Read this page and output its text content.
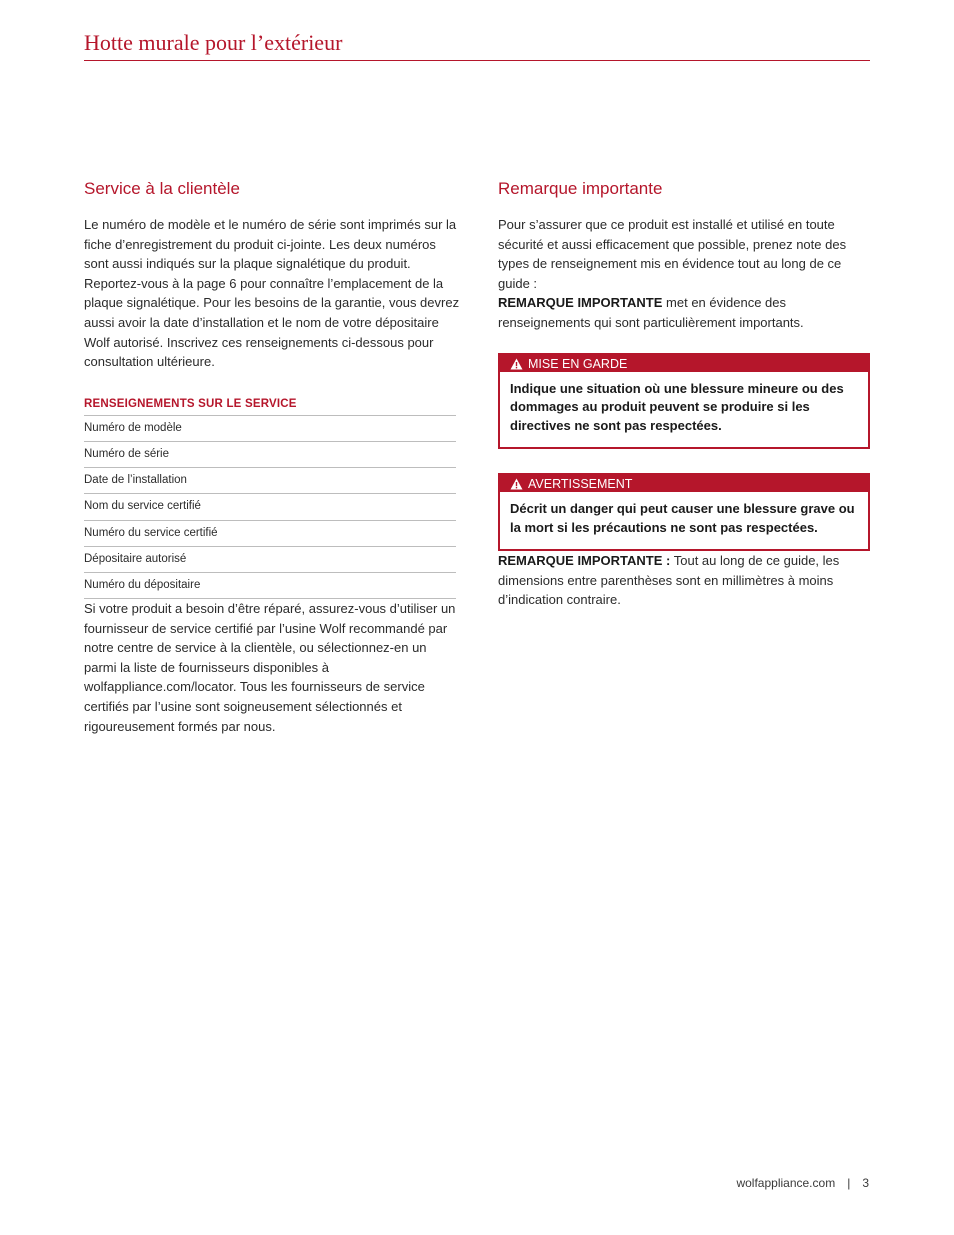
Hotte murale pour l’extérieur
Service à la clientèle

Le numéro de modèle et le numéro de série sont imprimés sur la fiche d’enregistrement du produit ci-jointe. Les deux numéros sont aussi indiqués sur la plaque signalétique du produit. Reportez-vous à la page 6 pour connaître l’emplacement de la plaque signalétique. Pour les besoins de la garantie, vous devrez aussi avoir la date d’installation et le nom de votre dépositaire Wolf autorisé. Inscrivez ces renseignements ci-dessous pour consultation ultérieure.

RENSEIGNEMENTS SUR LE SERVICE
Numéro de modèle
Numéro de série
Date de l’installation
Nom du service certifié
Numéro du service certifié
Dépositaire autorisé
Numéro du dépositaire

Si votre produit a besoin d’être réparé, assurez-vous d’utiliser un fournisseur de service certifié par l’usine Wolf recommandé par notre centre de service à la clientèle, ou sélectionnez-en un parmi la liste de fournisseurs disponibles à wolfappliance.com/locator. Tous les fournisseurs de service certifiés par l’usine sont soigneusement sélectionnés et rigoureusement formés par nous.

Remarque importante

Pour s’assurer que ce produit est installé et utilisé en toute sécurité et aussi efficacement que possible, prenez note des types de renseignement mis en évidence tout au long de ce guide :

REMARQUE IMPORTANTE met en évidence des renseignements qui sont particulièrement importants.

MISE EN GARDE
Indique une situation où une blessure mineure ou des dommages au produit peuvent se produire si les directives ne sont pas respectées.
AVERTISSEMENT
Décrit un danger qui peut causer une blessure grave ou la mort si les précautions ne sont pas respectées.

REMARQUE IMPORTANTE : Tout au long de ce guide, les dimensions entre parenthèses sont en millimètres à moins d’indication contraire.

wolfappliance.com | 3
